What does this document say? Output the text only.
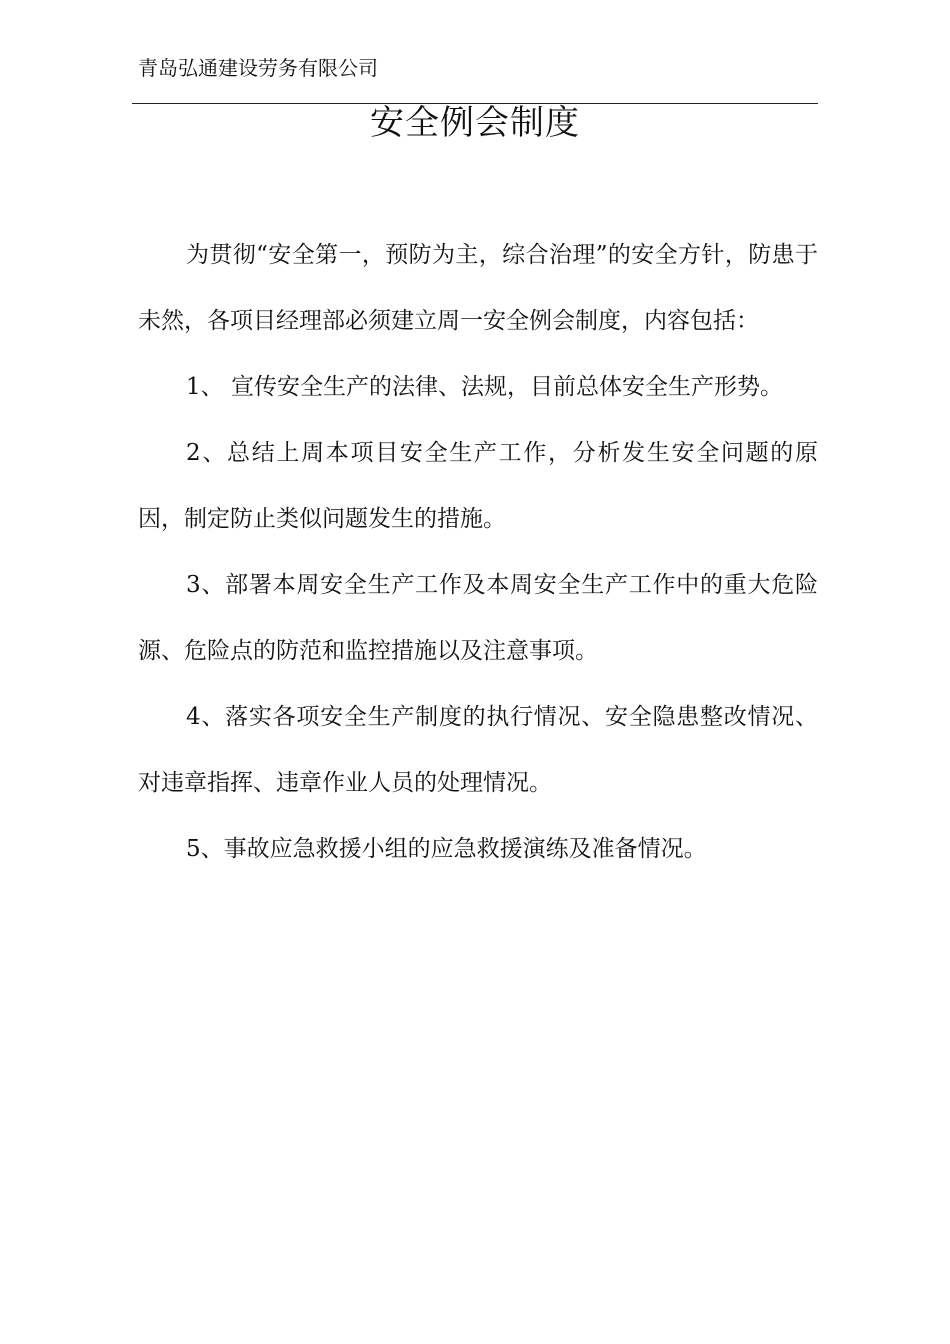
青岛弘通建设劳务有限公司
安全例会制度

为贯彻“安全第一，预防为主，综合治理”的安全方针，防患于未然，各项目经理部必须建立周一安全例会制度，内容包括：

1、 宣传安全生产的法律、法规，目前总体安全生产形势。

2、总结上周本项目安全生产工作，分析发生安全问题的原因，制定防止类似问题发生的措施。

3、部署本周安全生产工作及本周安全生产工作中的重大危险源、危险点的防范和监控措施以及注意事项。

4、落实各项安全生产制度的执行情况、安全隐患整改情况、对违章指挥、违章作业人员的处理情况。

5、事故应急救援小组的应急救援演练及准备情况。
